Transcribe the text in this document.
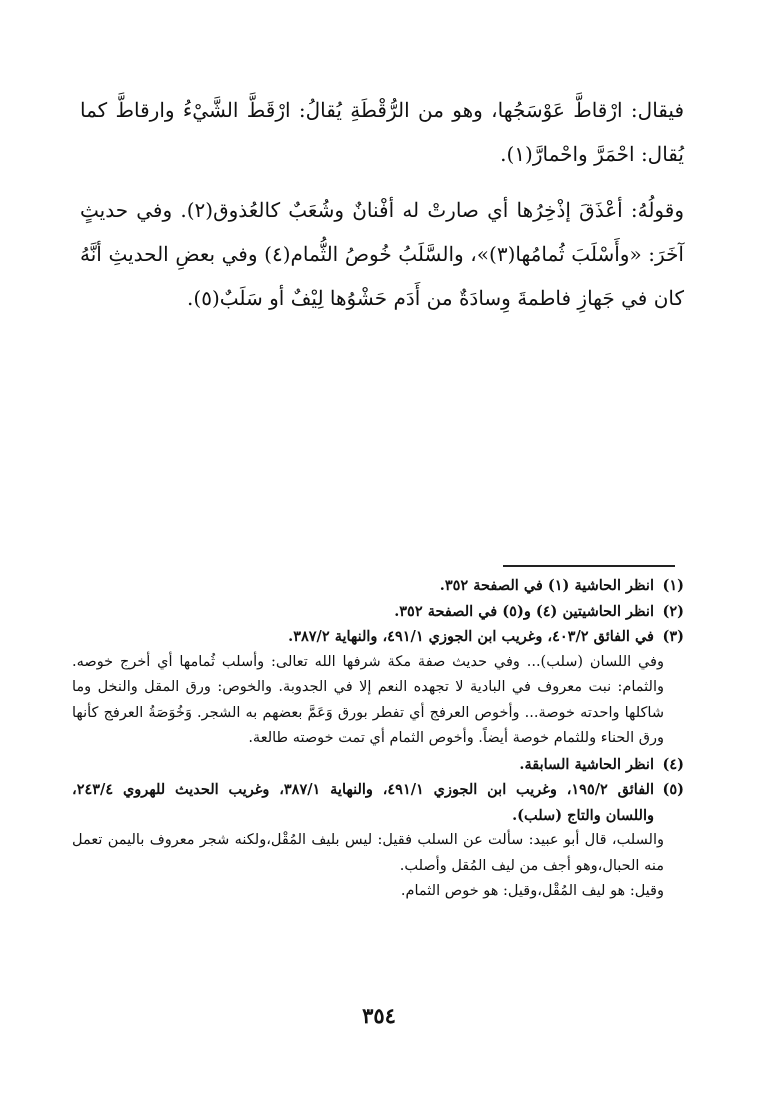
فيقال: ارْقاطَّ عَوْسَجُها، وهو من الرُّقْطَةِ يُقالُ: ارْقَطَّ الشَّيْءُ وارقاطَّ كما يُقال: احْمَرَّ واحْمارَّ(١).

وقولُهُ: أعْذَقَ إذْخِرُها أي صارتْ له أفْنانٌ وشُعَبٌ كالعُذوق(٢). وفي حديثٍ آخَرَ: «وأَسْلَبَ ثُمامُها(٣)»، والسَّلَبُ خُوصُ الثُّمام(٤) وفي بعضِ الحديثِ أنَّهُ كان في جَهازِ فاطمةَ وِسادَةٌ من أَدَم حَشْوُها لِيْفٌ أو سَلَبٌ(٥).

(١)
انظر الحاشية (١) في الصفحة ٣٥٢.
(٢)
انظر الحاشيتين (٤) و(٥) في الصفحة ٣٥٢.
(٣)
في الفائق ٤٠٣/٢، وغريب ابن الجوزي ٤٩١/١، والنهاية ٣٨٧/٢.
وفي اللسان (سلب)... وفي حديث صفة مكة شرفها الله تعالى: وأسلب ثُمامها أي أخرج خوصه. والثمام: نبت معروف في البادية لا تجهده النعم إلا في الجدوبة. والخوص: ورق المقل والنخل وما شاكلها واحدته خوصة... وأخوص العرفج أي تفطر بورق وَعَمَّ بعضهم به الشجر. وَخُوَصَةُ العرفج كأنها ورق الحناء وللثمام خوصة أيضاً. وأخوص الثمام أي تمت خوصته طالعة.
(٤)
انظر الحاشية السابقة.
(٥)
الفائق ١٩٥/٢، وغريب ابن الجوزي ٤٩١/١، والنهاية ٣٨٧/١، وغريب الحديث للهروي ٢٤٣/٤، واللسان والتاج (سلب).
والسلب، قال أبو عبيد: سألت عن السلب فقيل: ليس بليف المُقْل،ولكنه شجر معروف باليمن تعمل منه الحبال،وهو أجف من ليف المُقل وأصلب.
وقيل: هو ليف المُقْل،وقيل: هو خوص الثمام.
٣٥٤
